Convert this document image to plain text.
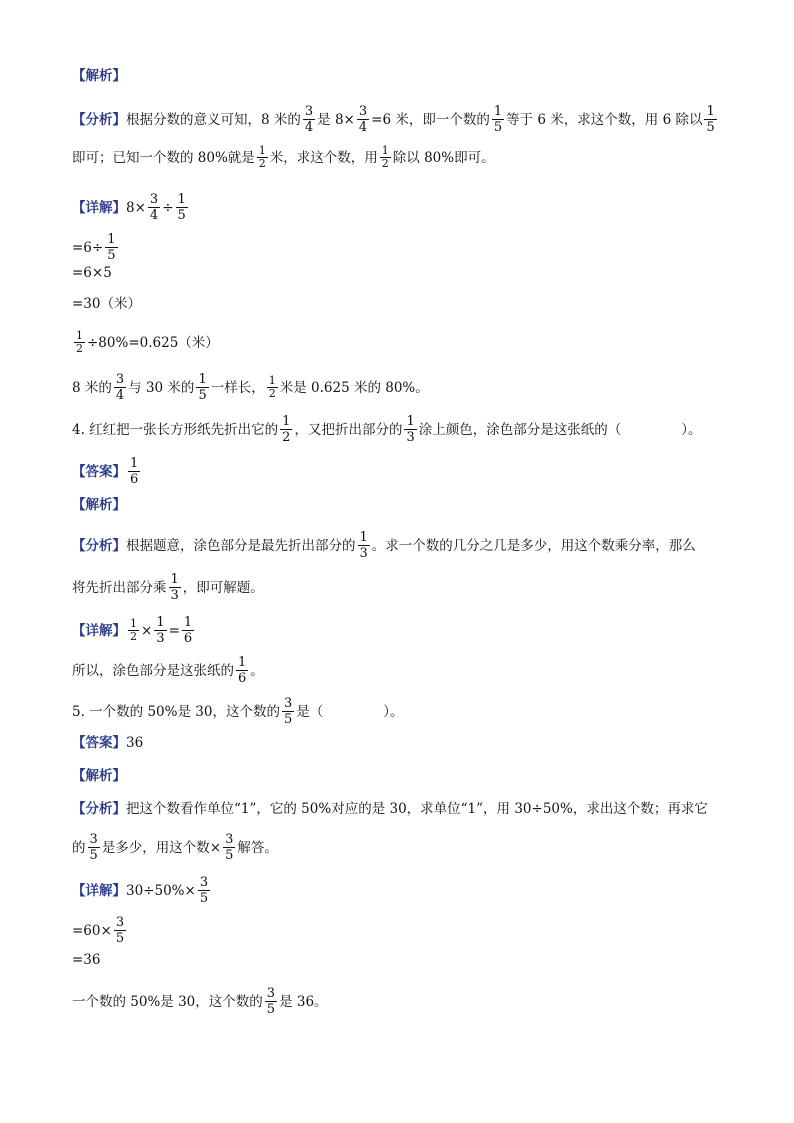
【解析】
【分析】 根据分数的意义可知，8 米的 $\frac{3}{4}$ 是 $8\times \frac{3}{4} =6$ 米，即一个数的 $\frac{1}{5}$ 等于 6 米，求这个数，用 6 除以 $\frac{1}{5}$
即可；已知一个数的 80%就是 $\frac{1}{2}$ 米，求这个数，用 $\frac{1}{2}$ 除以 80%即可。
【详解】 $8\times \frac{3}{4} \div \frac{1}{5}$
$=6\div \frac{1}{5}$
=6×5
=30（米）
$\frac{1}{2} \div 80\%=0.625$（米）
8 米的 $\frac{3}{4}$ 与 30 米的 $\frac{1}{5}$ 一样长， $\frac{1}{2}$ 米是 0.625 米的 80%。
4. 红红把一张长方形纸先折出它的 $\frac{1}{2}$ ，又把折出部分的 $\frac{1}{3}$ 涂上颜色，涂色部分是这张纸的（	）。
【答案】 $\frac{1}{6}$
【解析】
【分析】 根据题意，涂色部分是最先折出部分的 $\frac{1}{3}$ 。求一个数的几分之几是多少，用这个数乘分率，那么
将先折出部分乘 $\frac{1}{3}$ ，即可解题。
【详解】 $\frac{1}{2} \times \frac{1}{3} = \frac{1}{6}$
所以，涂色部分是这张纸的 $\frac{1}{6}$ 。
5. 一个数的 50%是 30，这个数的 $\frac{3}{5}$ 是（	）。
【答案】 36
【解析】
【分析】 把这个数看作单位“1”，它的 50%对应的是 30，求单位“1”，用 30÷50%，求出这个数；再求它
的 $\frac{3}{5}$ 是多少，用这个数× $\frac{3}{5}$ 解答。
【详解】 $30\div 50\%\times \frac{3}{5}$
$=60\times \frac{3}{5}$
=36
一个数的 50%是 30，这个数的 $\frac{3}{5}$ 是 36。
